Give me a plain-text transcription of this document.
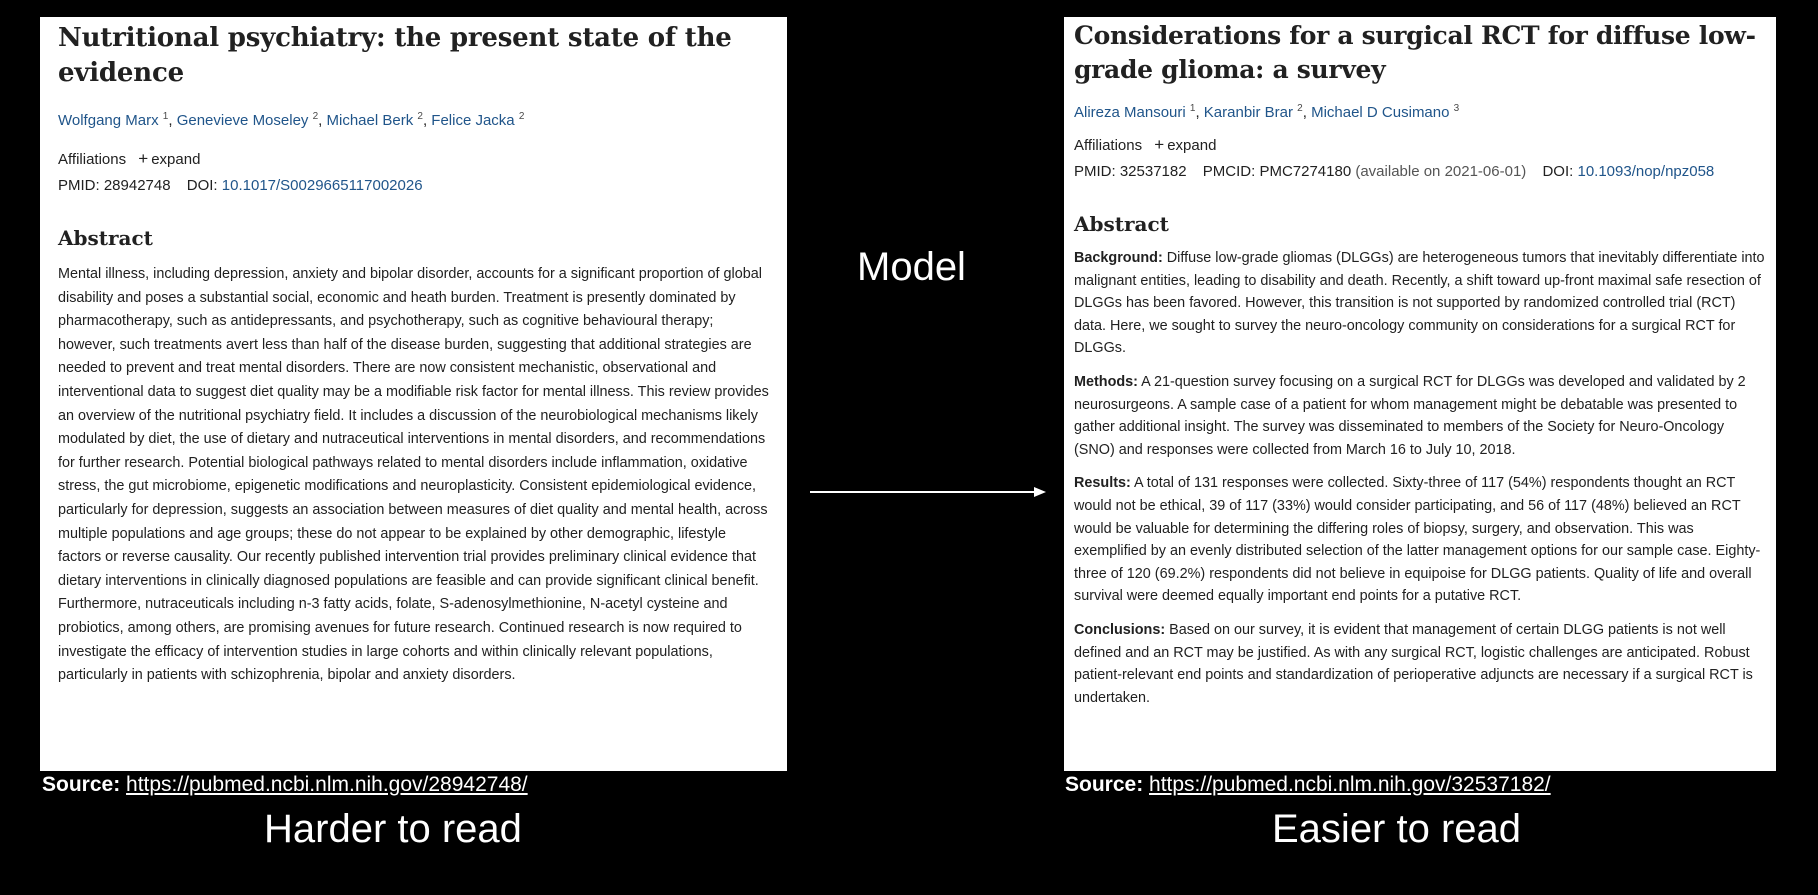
Nutritional psychiatry: the present state of the evidence
Wolfgang Marx $^1$, Genevieve Moseley $^2$, Michael Berk $^2$, Felice Jacka $^2$
Affiliations + expand
PMID: 28942748 DOI: 10.1017/S0029665117002026
Abstract

Mental illness, including depression, anxiety and bipolar disorder, accounts for a significant proportion of global disability and poses a substantial social, economic and heath burden. Treatment is presently dominated by pharmacotherapy, such as antidepressants, and psychotherapy, such as cognitive behavioural therapy; however, such treatments avert less than half of the disease burden, suggesting that additional strategies are needed to prevent and treat mental disorders. There are now consistent mechanistic, observational and interventional data to suggest diet quality may be a modifiable risk factor for mental illness. This review provides an overview of the nutritional psychiatry field. It includes a discussion of the neurobiological mechanisms likely modulated by diet, the use of dietary and nutraceutical interventions in mental disorders, and recommendations for further research. Potential biological pathways related to mental disorders include inflammation, oxidative stress, the gut microbiome, epigenetic modifications and neuroplasticity. Consistent epidemiological evidence, particularly for depression, suggests an association between measures of diet quality and mental health, across multiple populations and age groups; these do not appear to be explained by other demographic, lifestyle factors or reverse causality. Our recently published intervention trial provides preliminary clinical evidence that dietary interventions in clinically diagnosed populations are feasible and can provide significant clinical benefit. Furthermore, nutraceuticals including n-3 fatty acids, folate, S-adenosylmethionine, N-acetyl cysteine and probiotics, among others, are promising avenues for future research. Continued research is now required to investigate the efficacy of intervention studies in large cohorts and within clinically relevant populations, particularly in patients with schizophrenia, bipolar and anxiety disorders.

Considerations for a surgical RCT for diffuse low-grade glioma: a survey
Alireza Mansouri $^1$, Karanbir Brar $^2$, Michael D Cusimano $^3$
Affiliations + expand
PMID: 32537182 PMCID: PMC7274180 (available on 2021-06-01) DOI: 10.1093/nop/npz058
Abstract

Background: Diffuse low-grade gliomas (DLGGs) are heterogeneous tumors that inevitably differentiate into malignant entities, leading to disability and death. Recently, a shift toward up-front maximal safe resection of DLGGs has been favored. However, this transition is not supported by randomized controlled trial (RCT) data. Here, we sought to survey the neuro-oncology community on considerations for a surgical RCT for DLGGs.

Methods: A 21-question survey focusing on a surgical RCT for DLGGs was developed and validated by 2 neurosurgeons. A sample case of a patient for whom management might be debatable was presented to gather additional insight. The survey was disseminated to members of the Society for Neuro-Oncology (SNO) and responses were collected from March 16 to July 10, 2018.

Results: A total of 131 responses were collected. Sixty-three of 117 (54%) respondents thought an RCT would not be ethical, 39 of 117 (33%) would consider participating, and 56 of 117 (48%) believed an RCT would be valuable for determining the differing roles of biopsy, surgery, and observation. This was exemplified by an evenly distributed selection of the latter management options for our sample case. Eighty-three of 120 (69.2%) respondents did not believe in equipoise for DLGG patients. Quality of life and overall survival were deemed equally important end points for a putative RCT.

Conclusions: Based on our survey, it is evident that management of certain DLGG patients is not well defined and an RCT may be justified. As with any surgical RCT, logistic challenges are anticipated. Robust patient-relevant end points and standardization of perioperative adjuncts are necessary if a surgical RCT is undertaken.

Model
Source: https://pubmed.ncbi.nlm.nih.gov/28942748/	Source: https://pubmed.ncbi.nlm.nih.gov/32537182/
Harder to read	Easier to read
